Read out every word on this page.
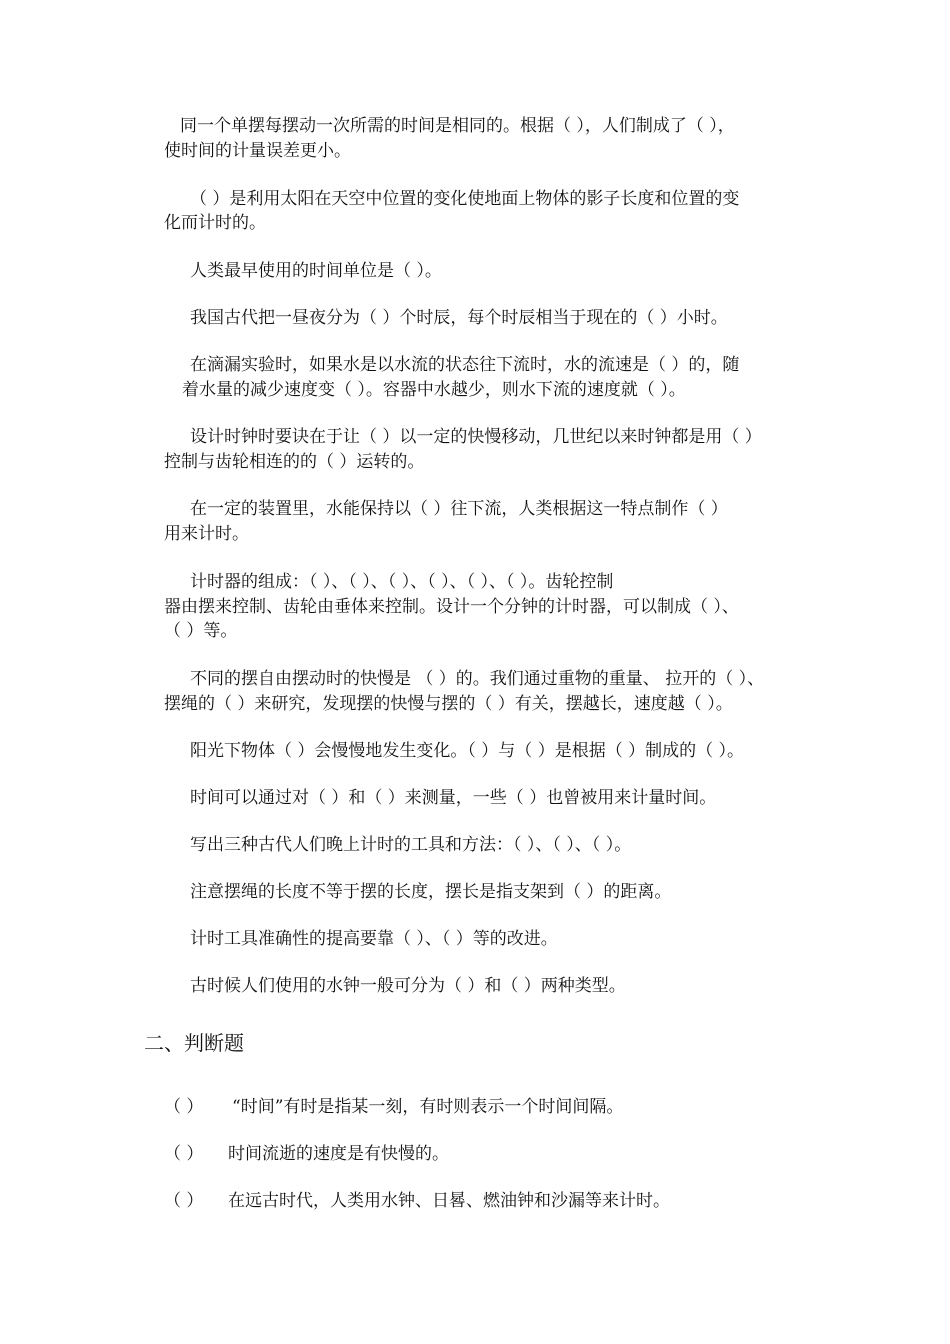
同一个单摆每摆动一次所需的时间是相同的。根据（ ），人们制成了（ ），
使时间的计量误差更小。
（ ）是利用太阳在天空中位置的变化使地面上物体的影子长度和位置的变
化而计时的。
人类最早使用的时间单位是（ ）。
我国古代把一昼夜分为（ ）个时辰，每个时辰相当于现在的（ ）小时。
在滴漏实验时，如果水是以水流的状态往下流时，水的流速是（ ）的，随
着水量的减少速度变（ ）。容器中水越少，则水下流的速度就（ ）。
设计时钟时要诀在于让（ ）以一定的快慢移动，几世纪以来时钟都是用（ ）
控制与齿轮相连的的（ ）运转的。
在一定的装置里，水能保持以（ ）往下流，人类根据这一特点制作（ ）
用来计时。
计时器的组成：（ ）、（ ）、（ ）、（ ）、（ ）、（ ）。齿轮控制
器由摆来控制、齿轮由垂体来控制。设计一个分钟的计时器，可以制成（ ）、
（ ）等。
不同的摆自由摆动时的快慢是 （ ）的。我们通过重物的重量、 拉开的（ ）、
摆绳的（ ）来研究，发现摆的快慢与摆的（ ）有关，摆越长，速度越（ ）。
阳光下物体（ ）会慢慢地发生变化。（ ）与（ ）是根据（ ）制成的（ ）。
时间可以通过对（ ）和（ ）来测量，一些（ ）也曾被用来计量时间。
写出三种古代人们晚上计时的工具和方法：（ ）、（ ）、（ ）。
注意摆绳的长度不等于摆的长度，摆长是指支架到（ ）的距离。
计时工具准确性的提高要靠（ ）、（ ）等的改进。
古时候人们使用的水钟一般可分为（ ）和（ ）两种类型。
二、判断题
（ ） “时间”有时是指某一刻，有时则表示一个时间间隔。
（ ） 时间流逝的速度是有快慢的。
（ ） 在远古时代，人类用水钟、日晷、燃油钟和沙漏等来计时。
